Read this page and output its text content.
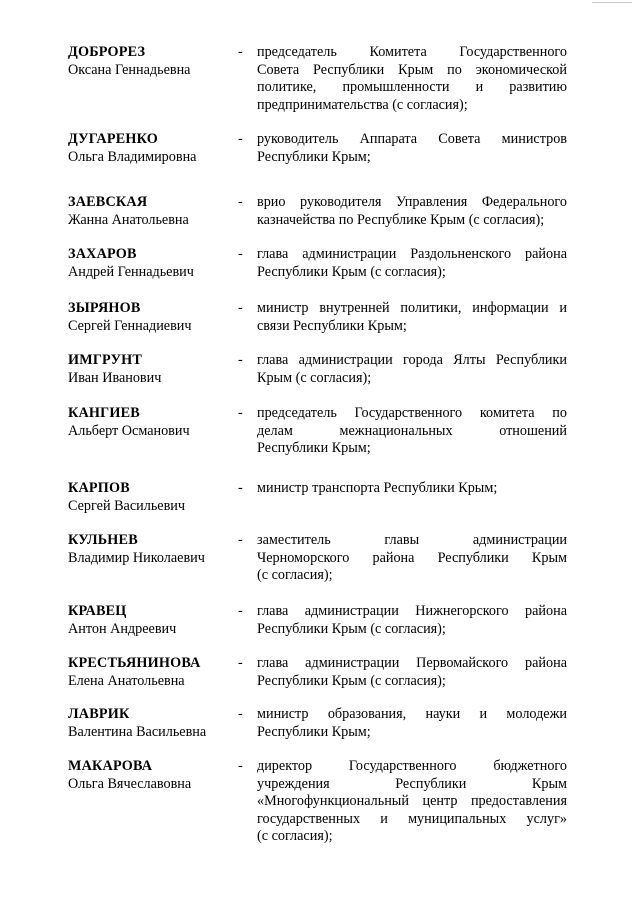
ДОБРОРЕЗ
Оксана Геннадьевна
- председатель Комитета Государственного
Совета Республики Крым по экономической
политике, промышленности и развитию
предпринимательства (с согласия);
ДУГАРЕНКО
Ольга Владимировна
- руководитель Аппарата Совета министров
Республики Крым;
ЗАЕВСКАЯ
Жанна Анатольевна
- врио руководителя Управления Федерального
казначейства по Республике Крым (с согласия);
ЗАХАРОВ
Андрей Геннадьевич
- глава администрации Раздольненского района
Республики Крым (с согласия);
ЗЫРЯНОВ
Сергей Геннадиевич
- министр внутренней политики, информации и
связи Республики Крым;
ИМГРУНТ
Иван Иванович
- глава администрации города Ялты Республики
Крым (с согласия);
КАНГИЕВ
Альберт Османович
- председатель Государственного комитета по
делам межнациональных отношений
Республики Крым;
КАРПОВ
Сергей Васильевич
- министр транспорта Республики Крым;
КУЛЬНЕВ
Владимир Николаевич
- заместитель главы администрации
Черноморского района Республики Крым
(с согласия);
КРАВЕЦ
Антон Андреевич
- глава администрации Нижнегорского района
Республики Крым (с согласия);
КРЕСТЬЯНИНОВА
Елена Анатольевна
- глава администрации Первомайского района
Республики Крым (с согласия);
ЛАВРИК
Валентина Васильевна
- министр образования, науки и молодежи
Республики Крым;
МАКАРОВА
Ольга Вячеславовна
- директор Государственного бюджетного
учреждения Республики Крым
«Многофункциональный центр предоставления
государственных и муниципальных услуг»
(с согласия);
